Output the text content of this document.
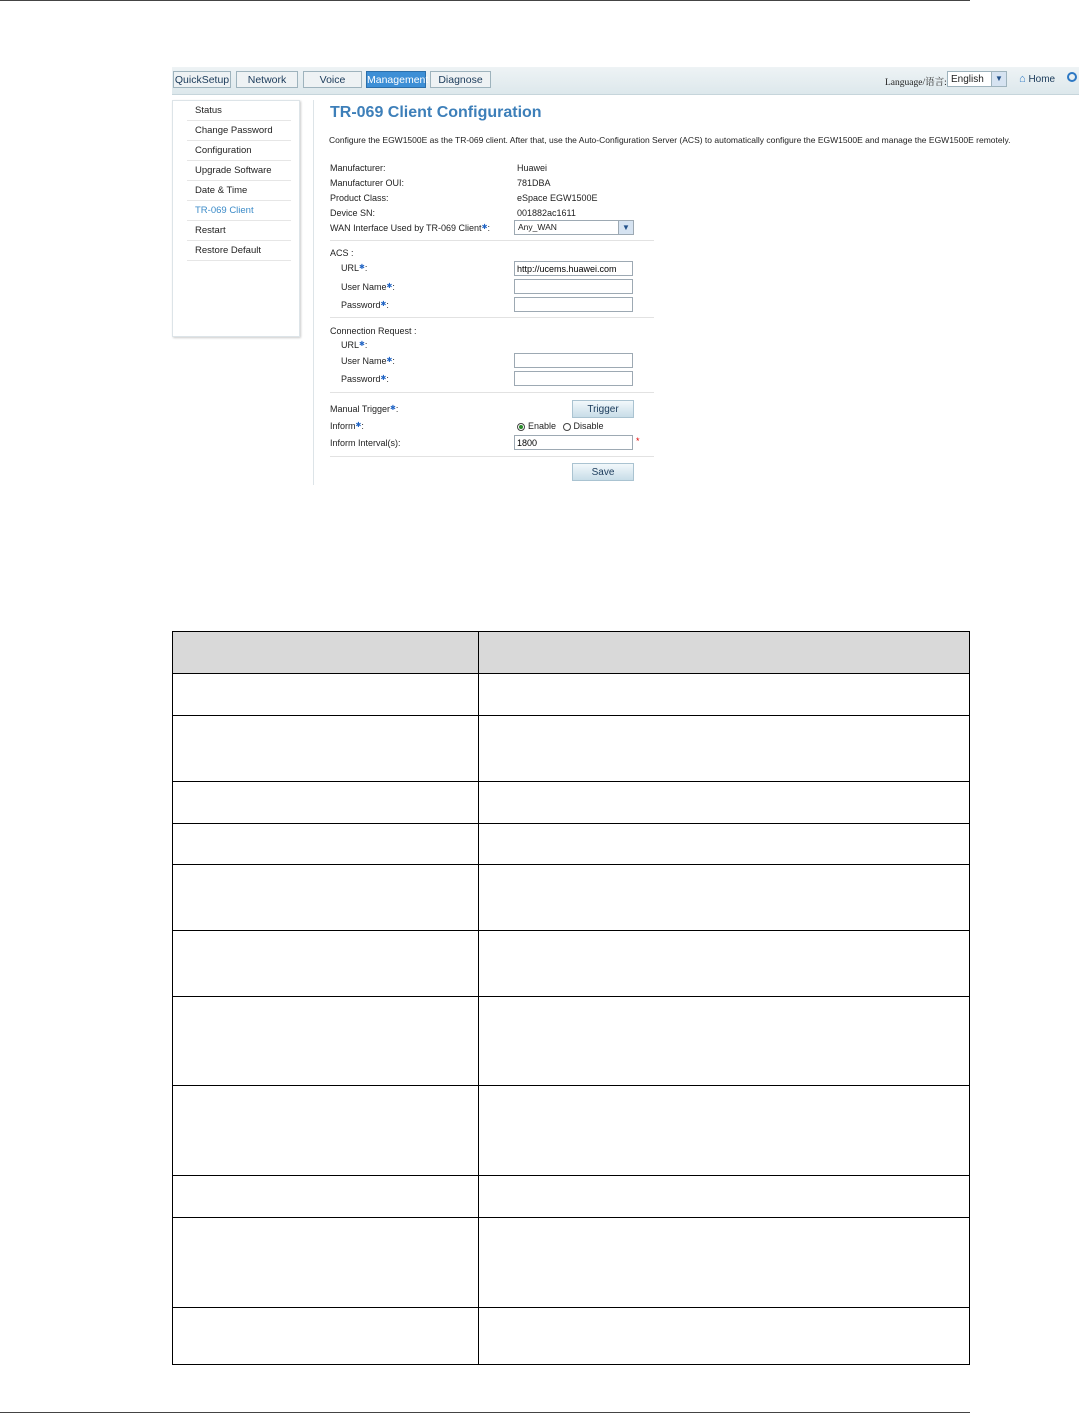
QuickSetup	Network	Voice	Management Diagnose	Language/语言: English	▼ ⌂ Home
Status
Change Password
Configuration
Upgrade Software
Date & Time
TR-069 Client
Restart
Restore Default
TR-069 Client Configuration
Configure the EGW1500E as the TR-069 client. After that, use the Auto-Configuration Server (ACS) to automatically configure the EGW1500E and manage the EGW1500E remotely.
Manufacturer:	Huawei
Manufacturer OUI:	781DBA
Product Class:	eSpace EGW1500E
Device SN:	001882ac1611
WAN Interface Used by TR-069 Client✱:	Any_WAN	▼
ACS :
URL✱:
http://ucems.huawei.com
User Name✱:
Password✱:
Connection Request :
URL✱:
User Name✱:
Password✱:
Manual Trigger✱:	Trigger
Inform✱:	Enable Disable
Inform Interval(s):
1800	*
Save
